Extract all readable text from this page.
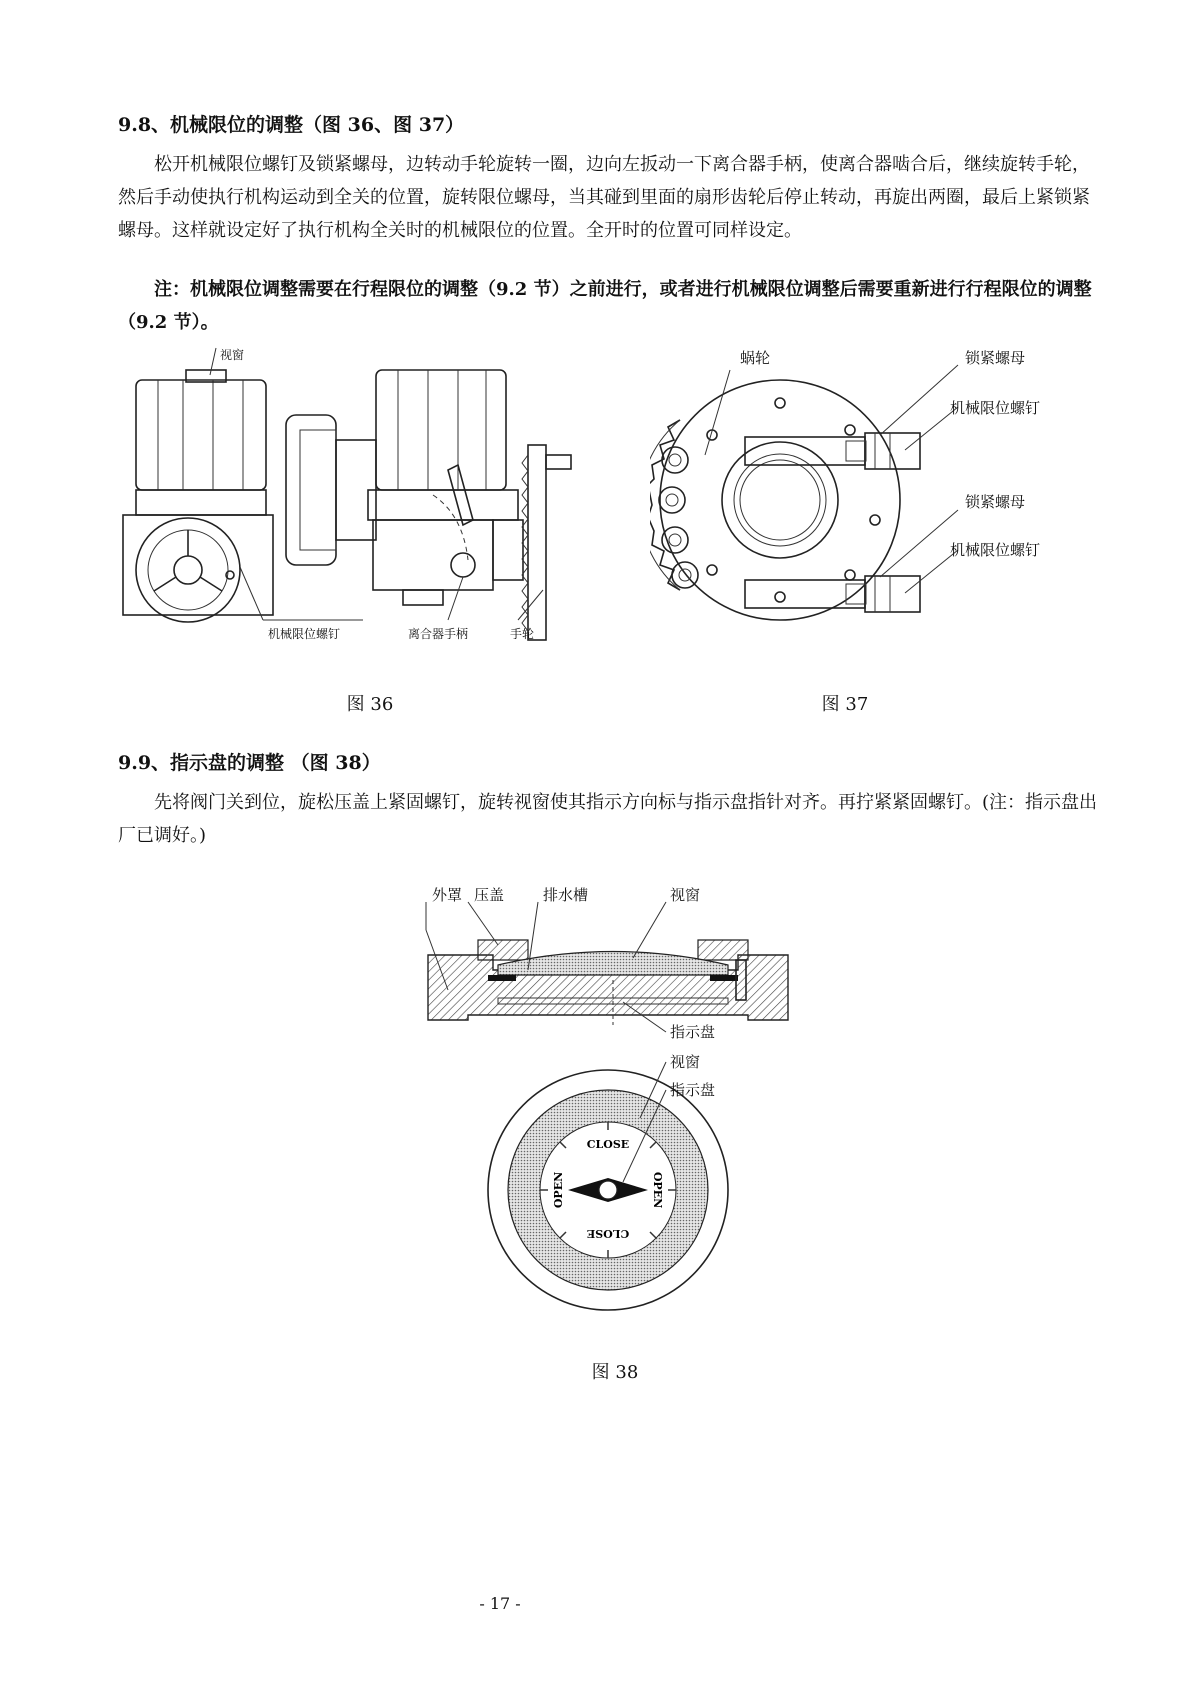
9.8、机械限位的调整（图 36、图 37）
松开机械限位螺钉及锁紧螺母，边转动手轮旋转一圈，边向左扳动一下离合器手柄，使离合器啮合后，继续旋转手轮，然后手动使执行机构运动到全关的位置，旋转限位螺母，当其碰到里面的扇形齿轮后停止转动，再旋出两圈，最后上紧锁紧螺母。这样就设定好了执行机构全关时的机械限位的位置。全开时的位置可同样设定。
注：机械限位调整需要在行程限位的调整（9.2 节）之前进行，或者进行机械限位调整后需要重新进行行程限位的调整（9.2 节）。
视窗
机械限位螺钉	离合器手柄	手轮
蜗轮	锁紧螺母
机械限位螺钉
锁紧螺母
机械限位螺钉
图 36	图 37
9.9、指示盘的调整 （图 38）
先将阀门关到位，旋松压盖上紧固螺钉，旋转视窗使其指示方向标与指示盘指针对齐。再拧紧紧固螺钉。(注：指示盘出厂已调好。)
CLOSE
CLOSE
OPEN	OPEN
外罩 压盖	排水槽	视窗
指示盘
视窗
指示盘
图 38
- 17 -
